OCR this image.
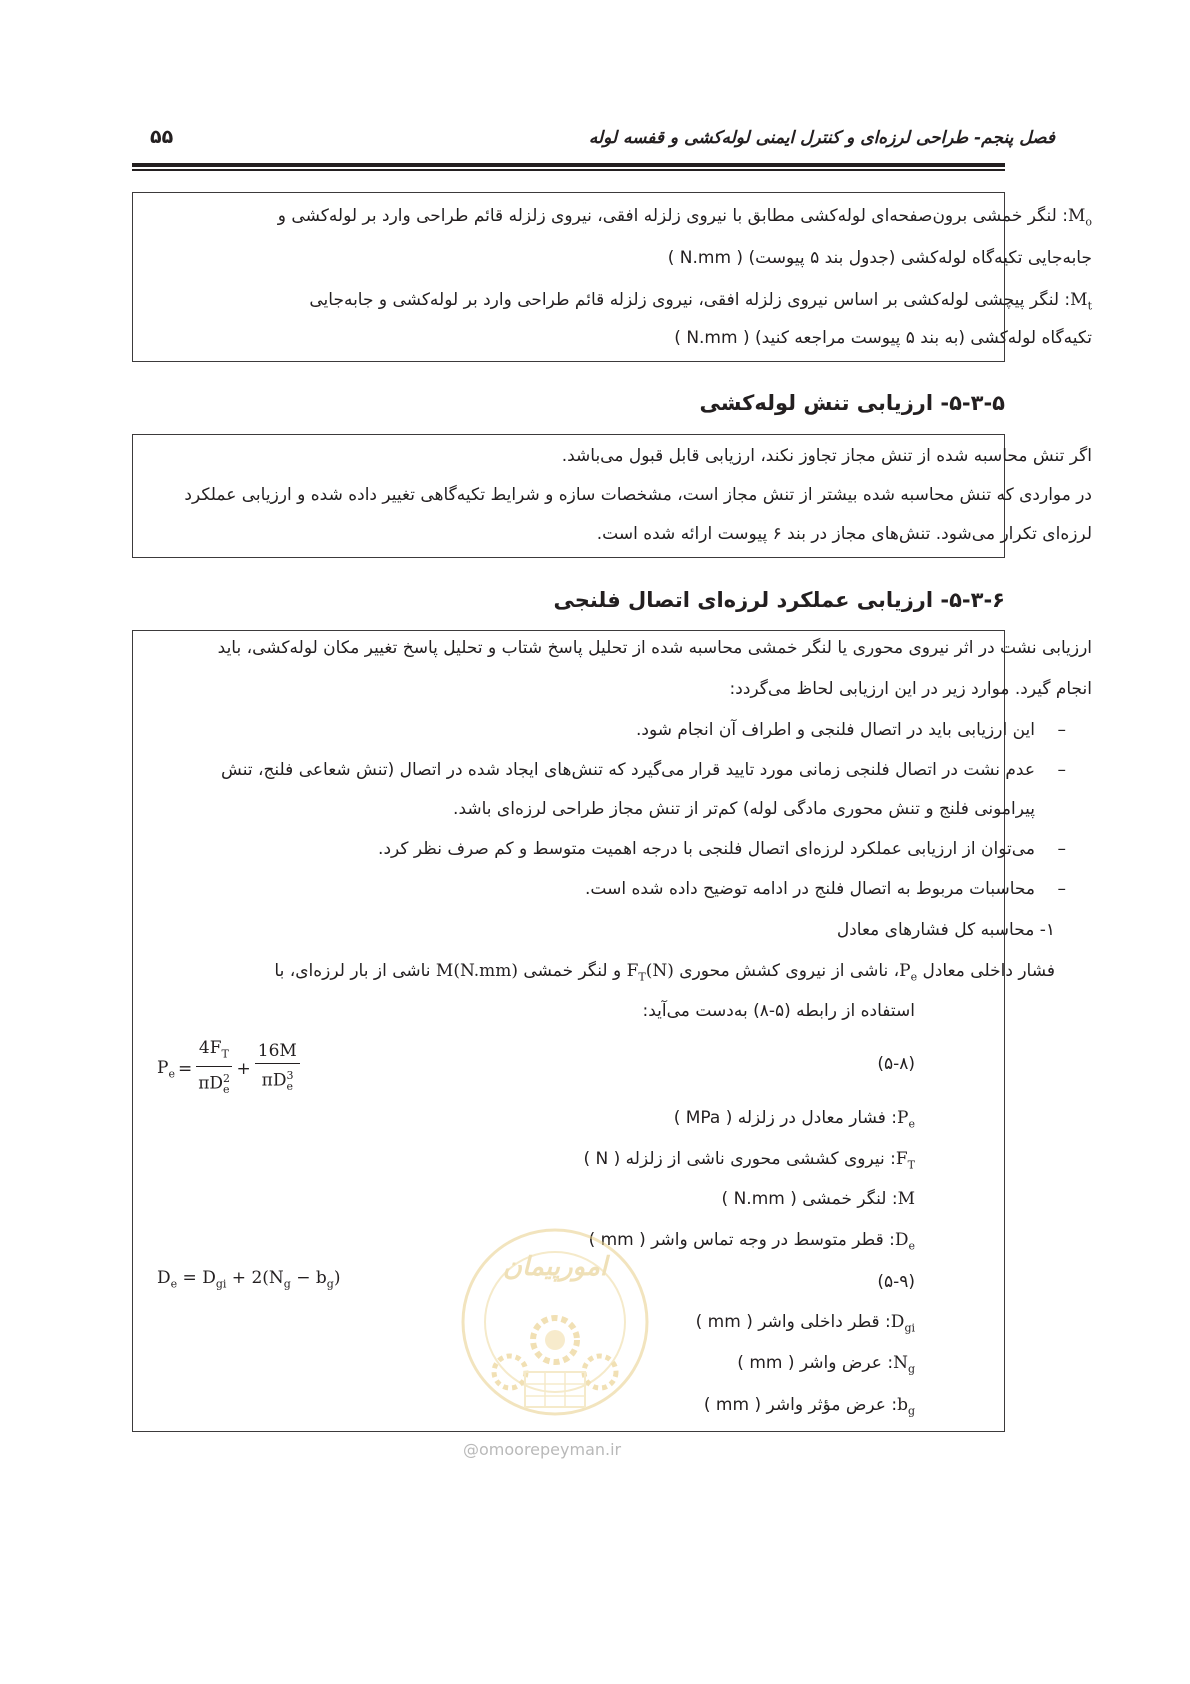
فصل پنجم- طراحی لرزه‌ای و کنترل ایمنی لوله‌کشی و قفسه لوله
۵۵
$M_o$: لنگر خمشی برون‌صفحه‌ای لوله‌کشی مطابق با نیروی زلزله افقی، نیروی زلزله قائم طراحی وارد بر لوله‌کشی و
جابه‌جایی تکیه‌گاه لوله‌کشی (جدول بند ۵ پیوست) ( N.mm )
$M_t$: لنگر پیچشی لوله‌کشی بر اساس نیروی زلزله افقی، نیروی زلزله قائم طراحی وارد بر لوله‌کشی و جابه‌جایی
تکیه‌گاه لوله‌کشی (به بند ۵ پیوست مراجعه کنید) ( N.mm )
۵-۳-۵- ارزیابی تنش لوله‌کشی
اگر تنش محاسبه شده از تنش مجاز تجاوز نکند، ارزیابی قابل قبول می‌باشد.
در مواردی که تنش محاسبه شده بیشتر از تنش مجاز است، مشخصات سازه و شرایط تکیه‌گاهی تغییر داده شده و ارزیابی عملکرد
لرزه‌ای تکرار می‌شود. تنش‌های مجاز در بند ۶ پیوست ارائه شده است.
۵-۳-۶- ارزیابی عملکرد لرزه‌ای اتصال فلنجی
ارزیابی نشت در اثر نیروی محوری یا لنگر خمشی محاسبه شده از تحلیل پاسخ شتاب و تحلیل پاسخ تغییر مکان لوله‌کشی، باید
انجام گیرد. موارد زیر در این ارزیابی لحاظ می‌گردد:
–
این ارزیابی باید در اتصال فلنجی و اطراف آن انجام شود.
–
عدم نشت در اتصال فلنجی زمانی مورد تایید قرار می‌گیرد که تنش‌های ایجاد شده در اتصال (تنش شعاعی فلنج، تنش
پیرامونی فلنج و تنش محوری مادگی لوله) کم‌تر از تنش مجاز طراحی لرزه‌ای باشد.
–
می‌توان از ارزیابی عملکرد لرزه‌ای اتصال فلنجی با درجه اهمیت متوسط و کم صرف نظر کرد.
–
محاسبات مربوط به اتصال فلنج در ادامه توضیح داده شده است.
۱- محاسبه کل فشارهای معادل
فشار داخلی معادل $P_e،$ ناشی از نیروی کشش محوری $F_T(N)$ و لنگر خمشی M(N.mm) ناشی از بار لرزه‌ای، با
استفاده از رابطه (۵-۸) به‌دست می‌آید:
$P_e = \frac{4F_T}{\pi D^2_e} + \frac{16M}{\pi D^3_e}$	(۵-۸)
$P_e$: فشار معادل در زلزله ( MPa )
$F_T$: نیروی کششی محوری ناشی از زلزله ( N )
M: لنگر خمشی ( N.mm )
$D_e$: قطر متوسط در وجه تماس واشر ( mm )
$D_e = D_{gi} + 2(N_g - b_g)$	(۵-۹)
$D_{gi}$: قطر داخلی واشر ( mm )
$N_g$: عرض واشر ( mm )
$b_g$: عرض مؤثر واشر ( mm )
امورپیمان
@omoorepeyman.ir
